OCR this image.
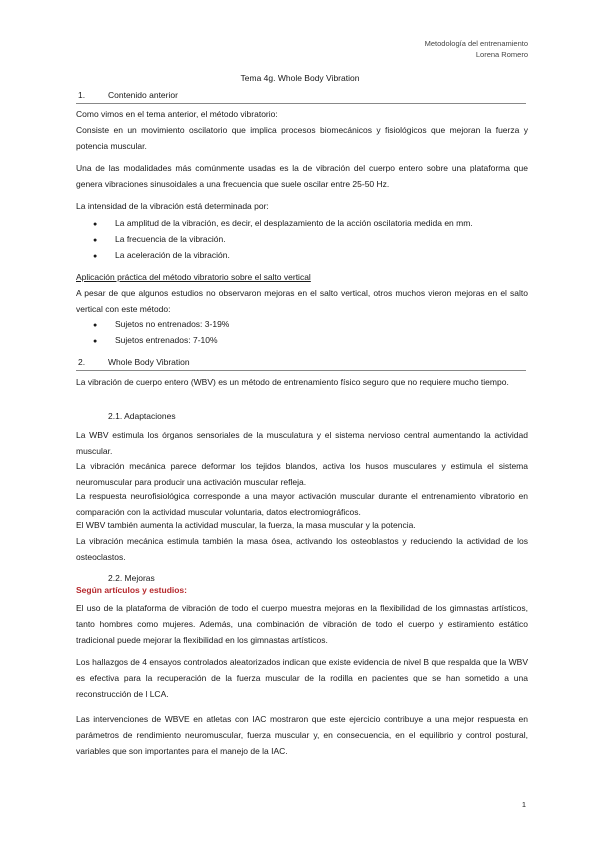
Metodología del entrenamiento
Lorena Romero
Tema 4g. Whole Body Vibration
1.	Contenido anterior
Como vimos en el tema anterior, el método vibratorio:
Consiste en un movimiento oscilatorio que implica procesos biomecánicos y fisiológicos que mejoran la fuerza y potencia muscular.
Una de las modalidades más comúnmente usadas es la de vibración del cuerpo entero sobre una plataforma que genera vibraciones sinusoidales a una frecuencia que suele oscilar entre 25-50 Hz.
La intensidad de la vibración está determinada por:
● La amplitud de la vibración, es decir, el desplazamiento de la acción oscilatoria medida en mm.
● La frecuencia de la vibración.
● La aceleración de la vibración.
Aplicación práctica del método vibratorio sobre el salto vertical
A pesar de que algunos estudios no observaron mejoras en el salto vertical, otros muchos vieron mejoras en el salto vertical con este método:
● Sujetos no entrenados: 3-19%
● Sujetos entrenados: 7-10%
2.	Whole Body Vibration
La vibración de cuerpo entero (WBV) es un método de entrenamiento físico seguro que no requiere mucho tiempo.
2.1. Adaptaciones
La WBV estimula los órganos sensoriales de la musculatura y el sistema nervioso central aumentando la actividad muscular.
La vibración mecánica parece deformar los tejidos blandos, activa los husos musculares y estimula el sistema neuromuscular para producir una activación muscular refleja.
La respuesta neurofisiológica corresponde a una mayor activación muscular durante el entrenamiento vibratorio en comparación con la actividad muscular voluntaria, datos electromiográficos.
El WBV también aumenta la actividad muscular, la fuerza, la masa muscular y la potencia.
La vibración mecánica estimula también la masa ósea, activando los osteoblastos y reduciendo la actividad de los osteoclastos.
2.2. Mejoras
Según artículos y estudios:
El uso de la plataforma de vibración de todo el cuerpo muestra mejoras en la flexibilidad de los gimnastas artísticos, tanto hombres como mujeres. Además, una combinación de vibración de todo el cuerpo y estiramiento estático tradicional puede mejorar la flexibilidad en los gimnastas artísticos.
Los hallazgos de 4 ensayos controlados aleatorizados indican que existe evidencia de nivel B que respalda que la WBV es efectiva para la recuperación de la fuerza muscular de la rodilla en pacientes que se han sometido a una reconstrucción de l LCA.
Las intervenciones de WBVE en atletas con IAC mostraron que este ejercicio contribuye a una mejor respuesta en parámetros de rendimiento neuromuscular, fuerza muscular y, en consecuencia, en el equilibrio y control postural, variables que son importantes para el manejo de la IAC.
1
